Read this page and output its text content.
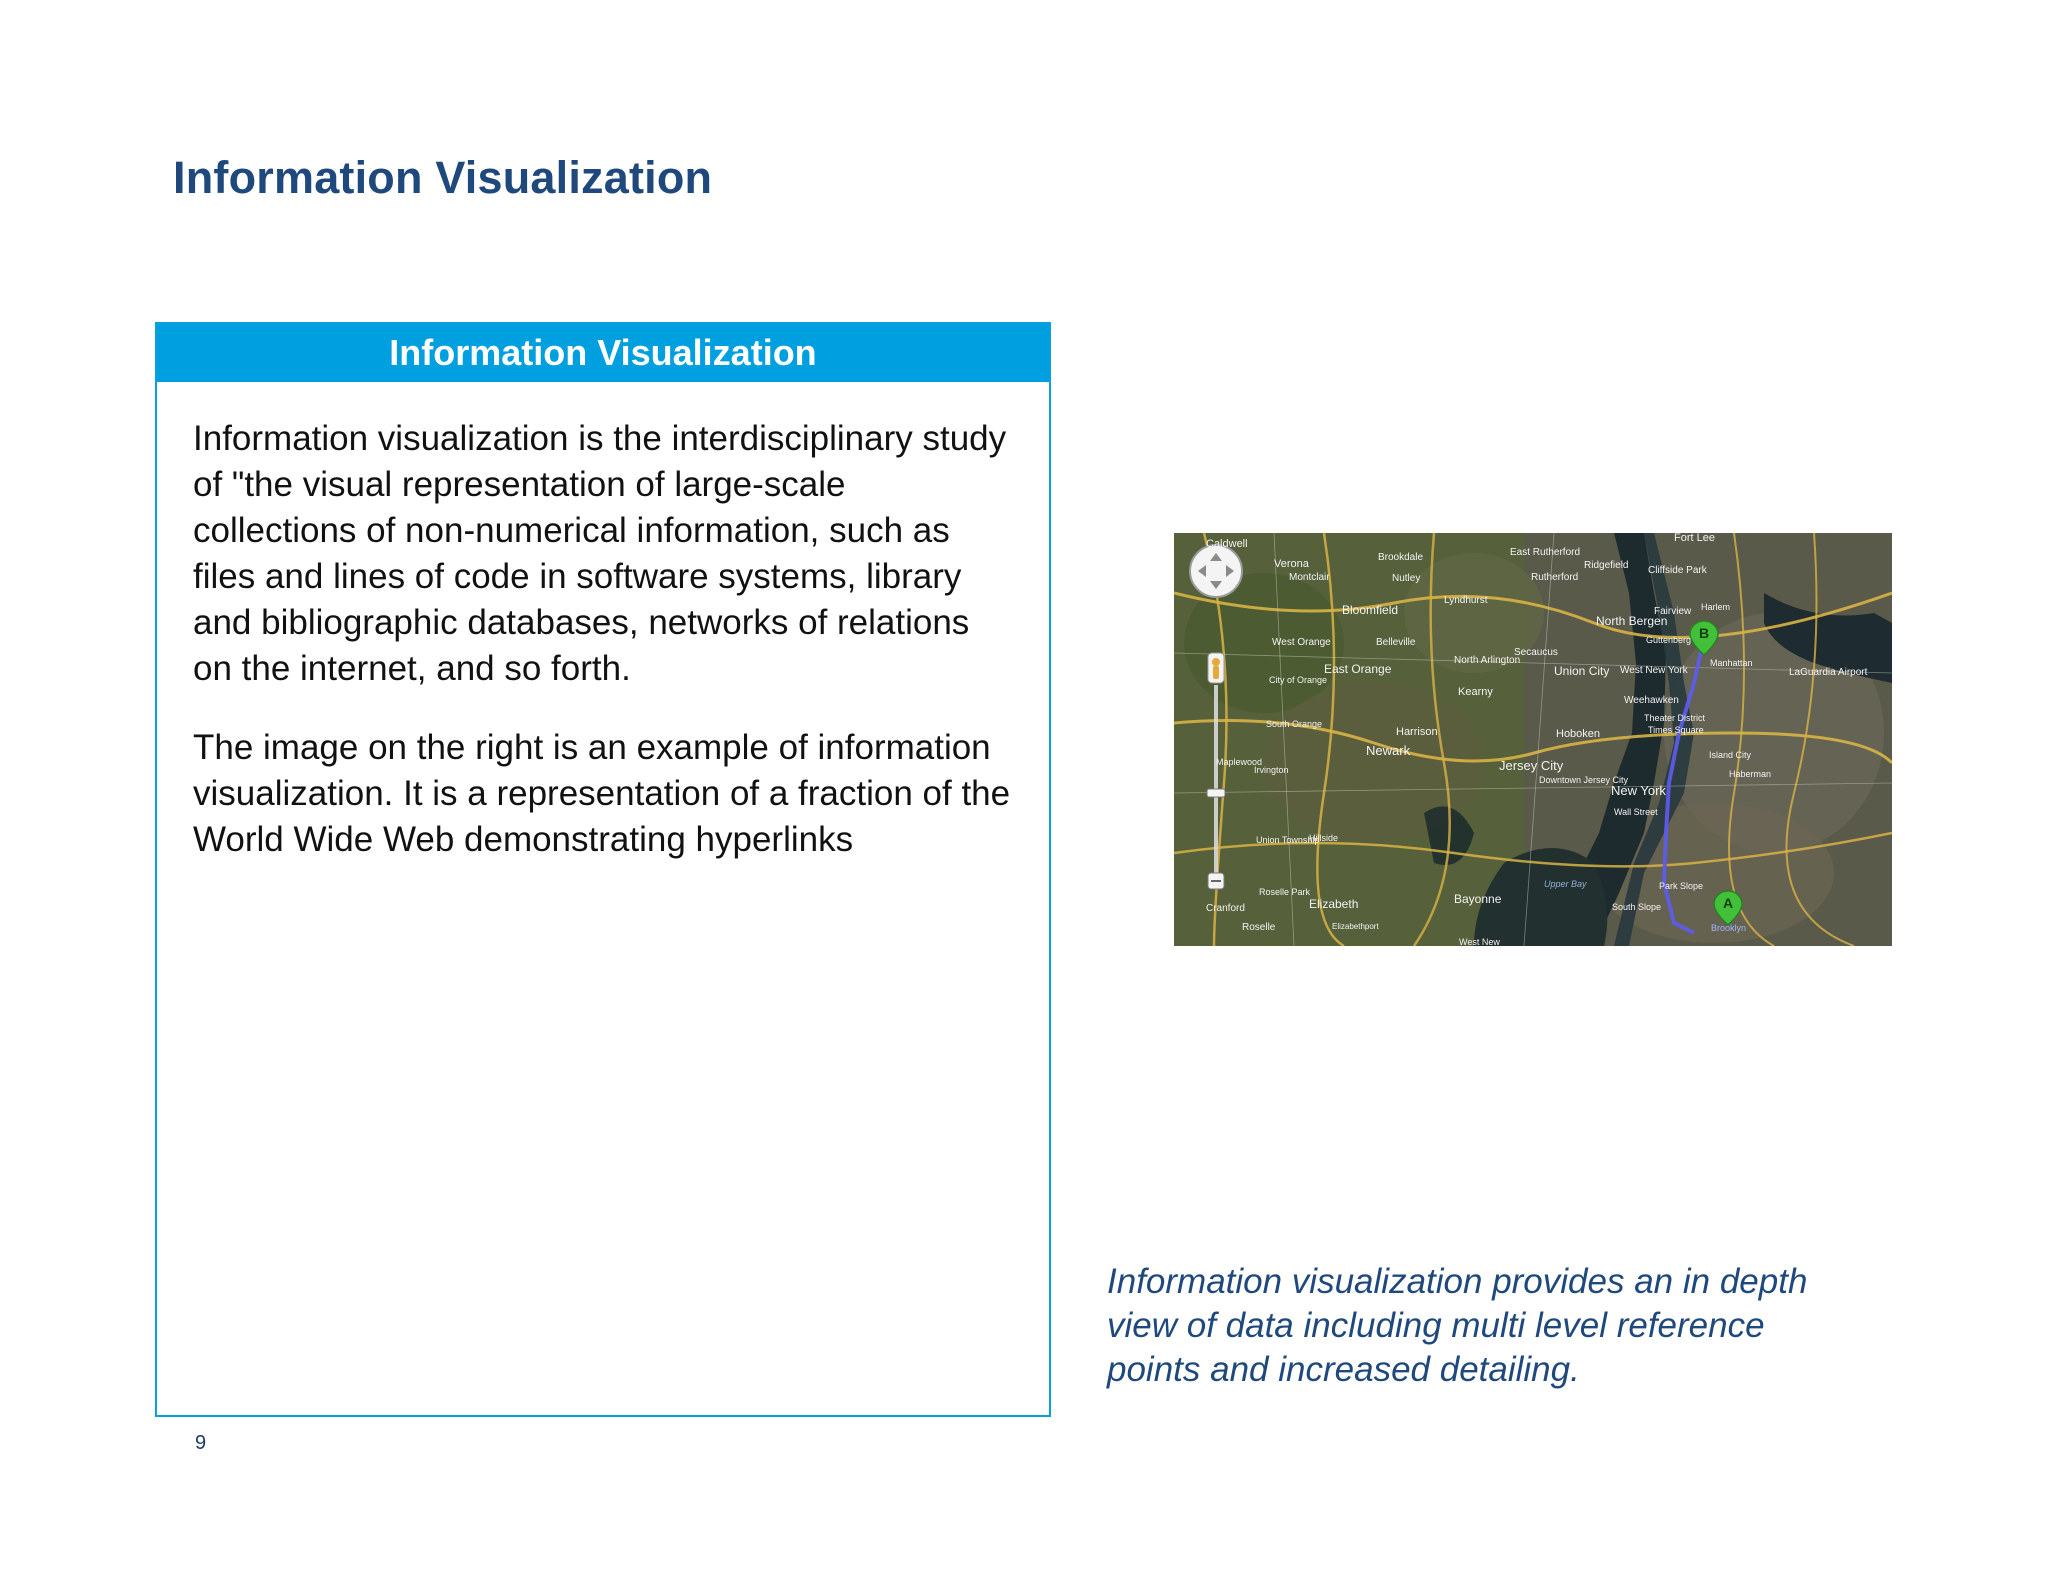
Information Visualization
Information Visualization

Information visualization is the interdisciplinary study of "the visual representation of large-scale collections of non-numerical information, such as files and lines of code in software systems, library and bibliographic databases, networks of relations on the internet, and so forth.

The image on the right is an example of information visualization. It is a representation of a fraction of the World Wide Web demonstrating hyperlinks

B
A
Caldwell
Verona
Montclair
Brookdale
Nutley
East Rutherford
Rutherford
Ridgefield Cliffside Park
Fort Lee
Bloomfield
Lyndhurst
North Bergen
Fairview Harlem
West Orange	Belleville
North Arlington
Secaucus
Guttenberg
Manhattan
East Orange
Kearny
Union City West New York
Weehawken
LaGuardia Airport
City of Orange
South Orange
Harrison	Hoboken
Theater District
Times Square
Newark
Jersey City
Maplewood
Irvington
Downtown Jersey City
New York
Island City
Haberman
Wall Street
Union Township
Hillside
Roselle Park
Elizabeth	Bayonne
Upper Bay	Park Slope
South Slope
Cranford
Roselle	Elizabethport
West New
Brooklyn
Information visualization provides an in depth view of data including multi level reference points and increased detailing.
9
